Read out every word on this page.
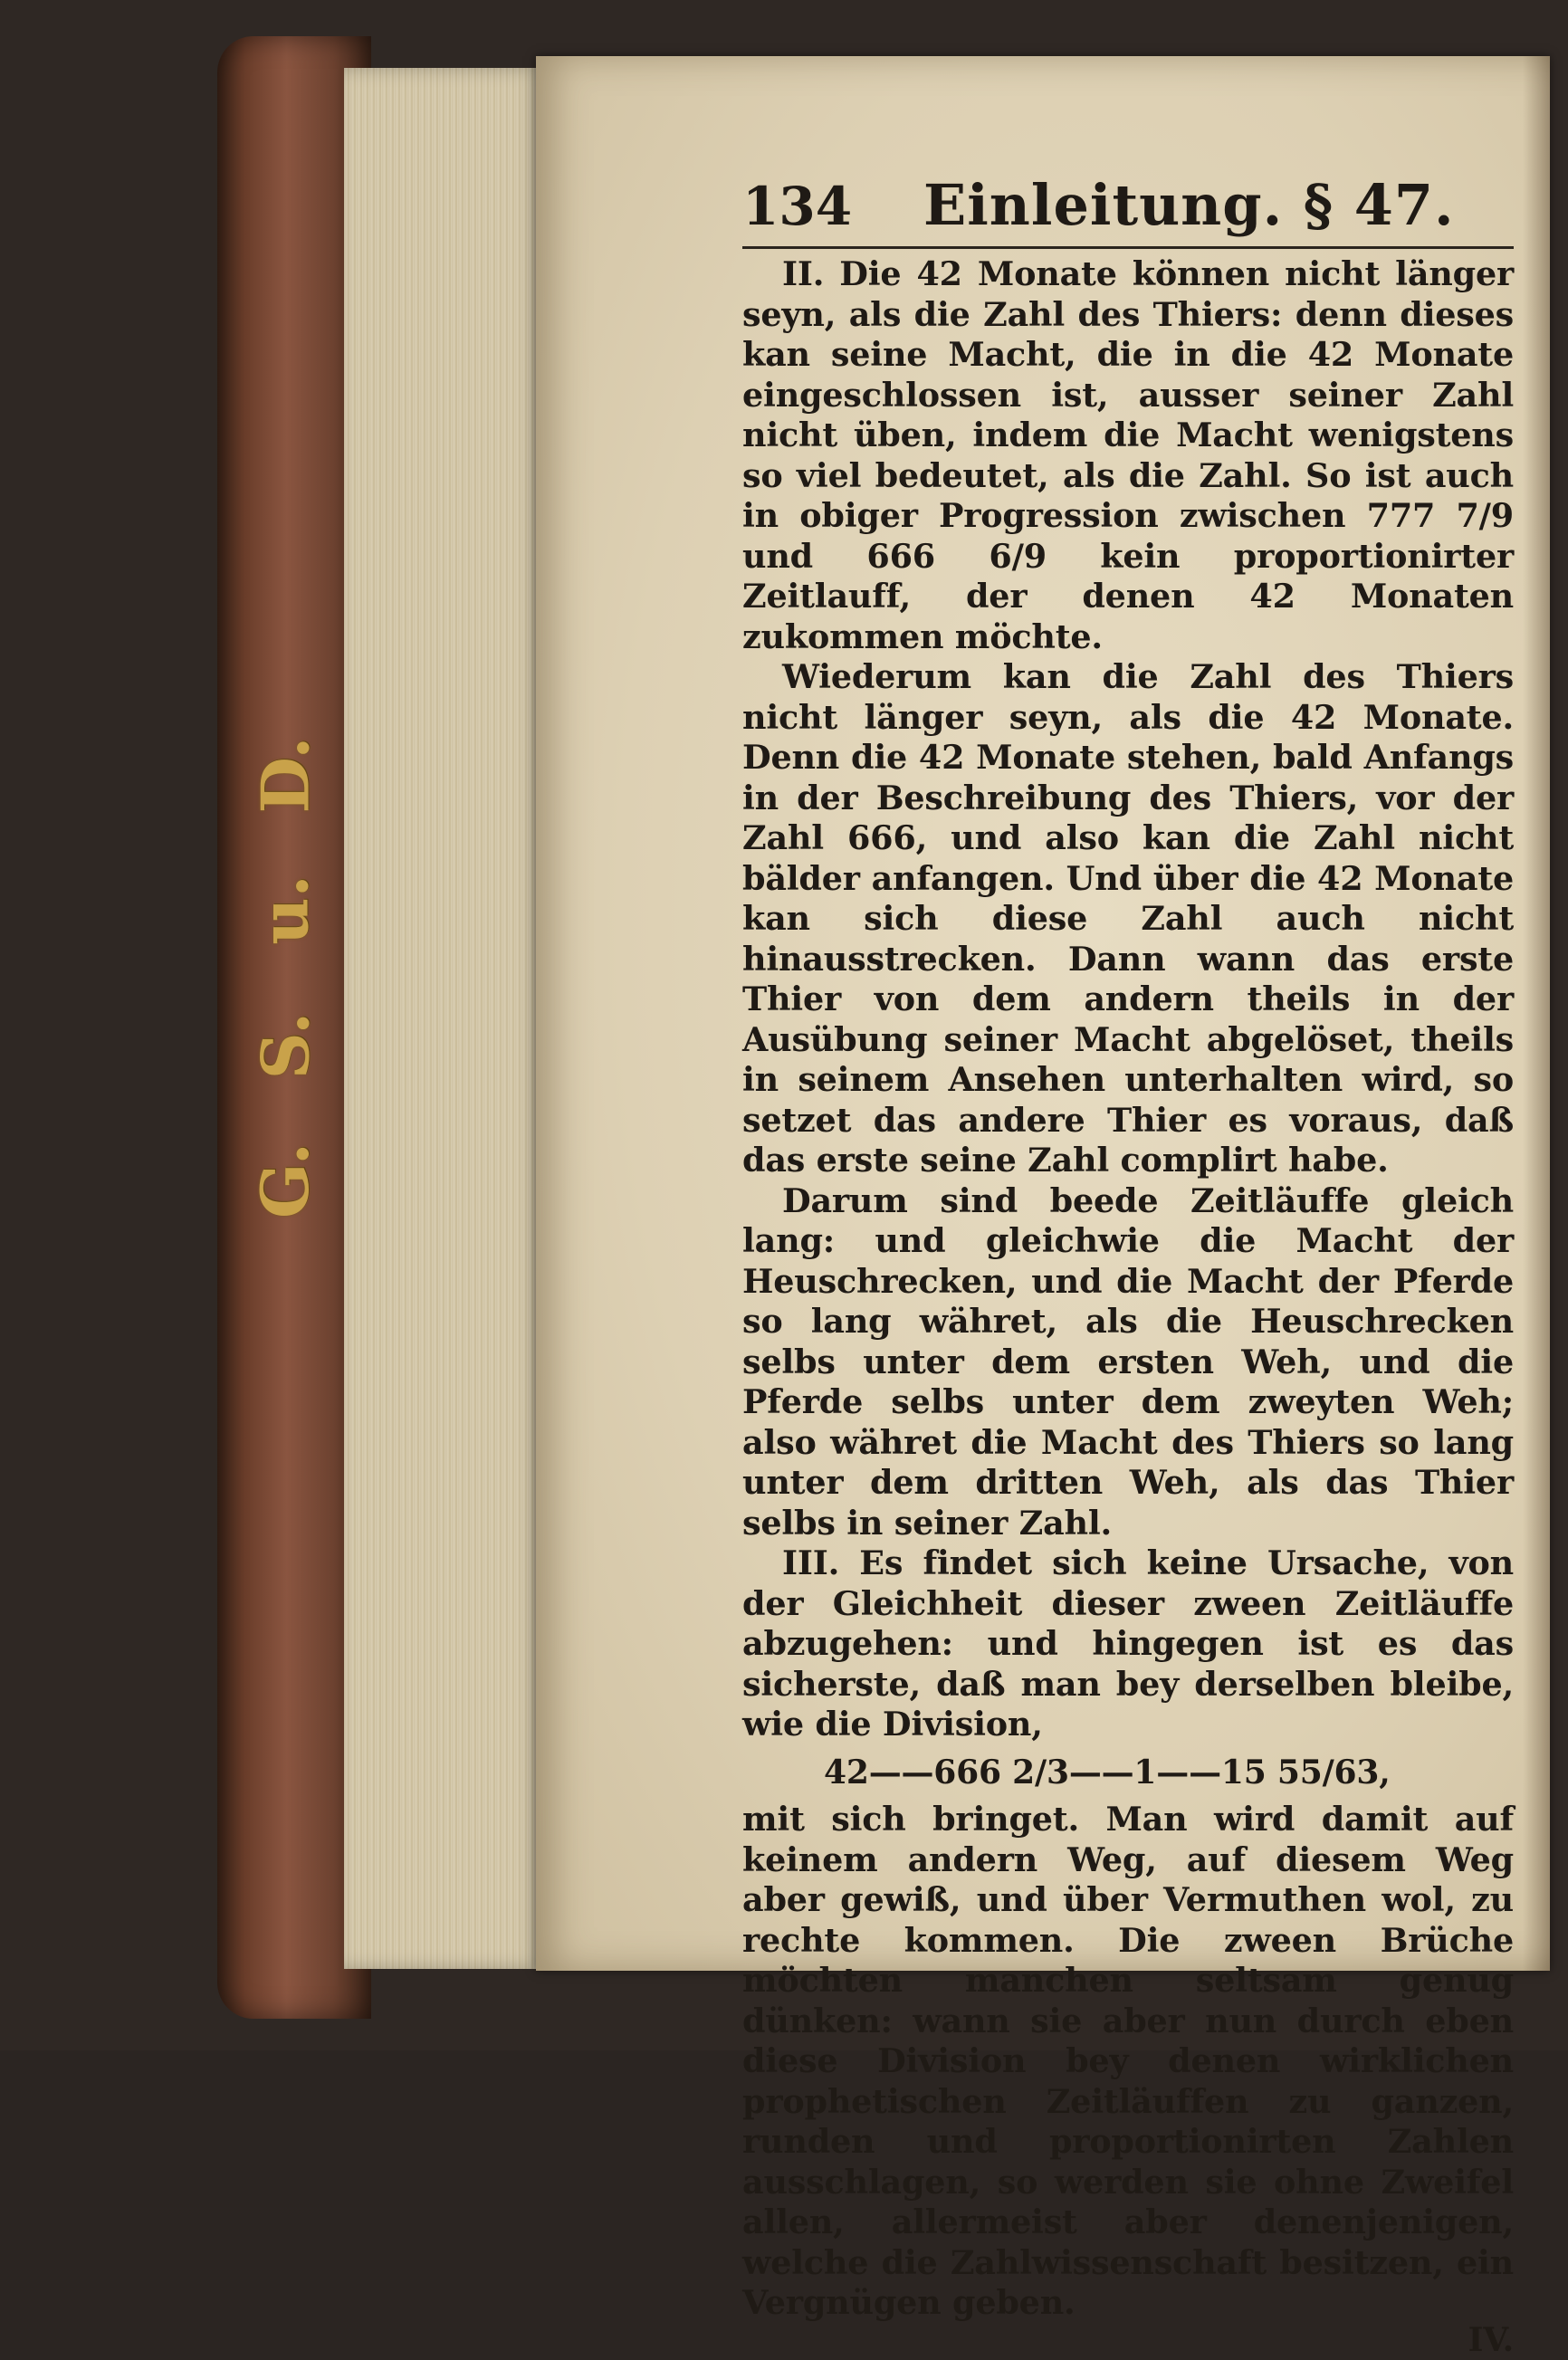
G.
S.
u.
D.
134	Einleitung. § 47.

II. Die 42 Monate können nicht länger seyn, als die Zahl des Thiers: denn dieses kan seine Macht, die in die 42 Monate eingeschlossen ist, ausser seiner Zahl nicht üben, indem die Macht wenigstens so viel bedeutet, als die Zahl. So ist auch in obiger Progression zwischen 777 7/9 und 666 6/9 kein proportionirter Zeitlauff, der denen 42 Monaten zukommen möchte.

Wiederum kan die Zahl des Thiers nicht länger seyn, als die 42 Monate. Denn die 42 Monate stehen, bald Anfangs in der Beschreibung des Thiers, vor der Zahl 666, und also kan die Zahl nicht bälder anfangen. Und über die 42 Monate kan sich diese Zahl auch nicht hinausstrecken. Dann wann das erste Thier von dem andern theils in der Ausübung seiner Macht abgelöset, theils in seinem Ansehen unterhalten wird, so setzet das andere Thier es voraus, daß das erste seine Zahl complirt habe.

Darum sind beede Zeitläuffe gleich lang: und gleichwie die Macht der Heuschrecken, und die Macht der Pferde so lang währet, als die Heuschrecken selbs unter dem ersten Weh, und die Pferde selbs unter dem zweyten Weh; also währet die Macht des Thiers so lang unter dem dritten Weh, als das Thier selbs in seiner Zahl.

III. Es findet sich keine Ursache, von der Gleichheit dieser zween Zeitläuffe abzugehen: und hingegen ist es das sicherste, daß man bey derselben bleibe, wie die Division,

42——666 2/3——1——15 55/63,

mit sich bringet. Man wird damit auf keinem andern Weg, auf diesem Weg aber gewiß, und über Vermuthen wol, zu rechte kommen. Die zween Brüche möchten manchen seltsam genug dünken: wann sie aber nun durch eben diese Division bey denen wirklichen prophetischen Zeitläuffen zu ganzen, runden und proportionirten Zahlen ausschlagen, so werden sie ohne Zweifel allen, allermeist aber denenjenigen, welche die Zahlwissenschaft besitzen, ein Vergnügen geben.

IV.
